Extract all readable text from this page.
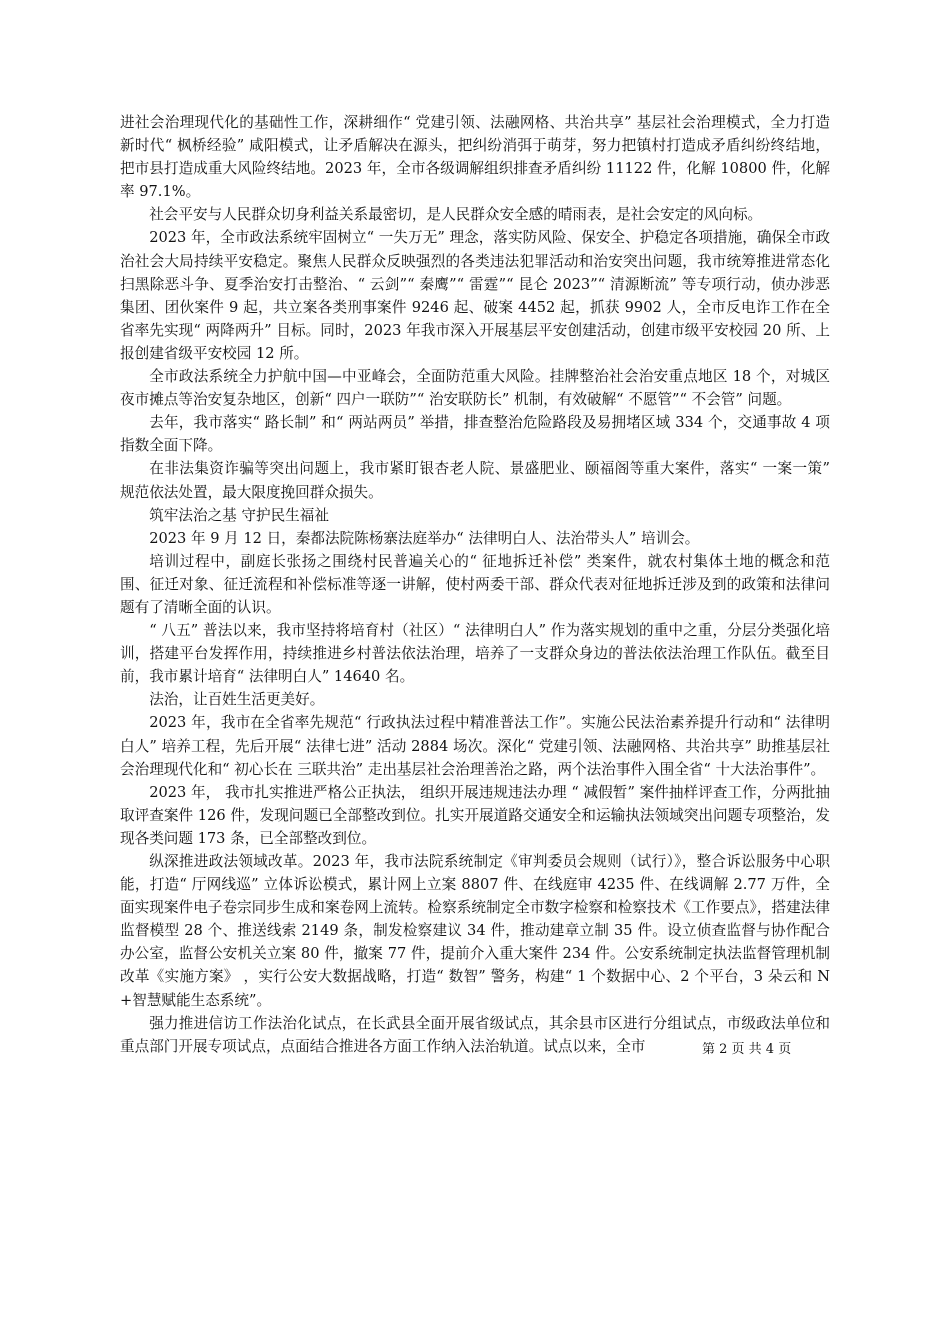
进社会治理现代化的基础性工作，深耕细作“ 党建引领、法融网格、共治共享” 基层社会治理模式，全力打造新时代“ 枫桥经验” 咸阳模式，让矛盾解决在源头，把纠纷消弭于萌芽，努力把镇村打造成矛盾纠纷终结地，把市县打造成重大风险终结地。2023 年，全市各级调解组织排查矛盾纠纷 11122 件，化解 10800 件，化解率 97.1%。

社会平安与人民群众切身利益关系最密切，是人民群众安全感的晴雨表，是社会安定的风向标。

2023 年，全市政法系统牢固树立“ 一失万无” 理念，落实防风险、保安全、护稳定各项措施，确保全市政治社会大局持续平安稳定。聚焦人民群众反映强烈的各类违法犯罪活动和治安突出问题，我市统筹推进常态化扫黑除恶斗争、夏季治安打击整治、“ 云剑”“ 秦鹰”“ 雷霆”“ 昆仑 2023”“ 清源断流” 等专项行动，侦办涉恶集团、团伙案件 9 起，共立案各类刑事案件 9246 起、破案 4452 起，抓获 9902 人，全市反电诈工作在全省率先实现“ 两降两升” 目标。同时，2023 年我市深入开展基层平安创建活动，创建市级平安校园 20 所、上报创建省级平安校园 12 所。

全市政法系统全力护航中国—中亚峰会，全面防范重大风险。挂牌整治社会治安重点地区 18 个，对城区夜市摊点等治安复杂地区，创新“ 四户一联防”“ 治安联防长” 机制，有效破解“ 不愿管”“ 不会管” 问题。

去年，我市落实“ 路长制” 和“ 两站两员” 举措，排查整治危险路段及易拥堵区域 334 个，交通事故 4 项指数全面下降。

在非法集资诈骗等突出问题上，我市紧盯银杏老人院、景盛肥业、颐福阁等重大案件，落实“ 一案一策” 规范依法处置，最大限度挽回群众损失。

筑牢法治之基 守护民生福祉

2023 年 9 月 12 日，秦都法院陈杨寨法庭举办“ 法律明白人、法治带头人” 培训会。

培训过程中，副庭长张扬之围绕村民普遍关心的“ 征地拆迁补偿” 类案件，就农村集体土地的概念和范围、征迁对象、征迁流程和补偿标准等逐一讲解，使村两委干部、群众代表对征地拆迁涉及到的政策和法律问题有了清晰全面的认识。

“ 八五” 普法以来，我市坚持将培育村（社区）“ 法律明白人” 作为落实规划的重中之重，分层分类强化培训，搭建平台发挥作用，持续推进乡村普法依法治理，培养了一支群众身边的普法依法治理工作队伍。截至目前，我市累计培育“ 法律明白人” 14640 名。

法治，让百姓生活更美好。

2023 年，我市在全省率先规范“ 行政执法过程中精准普法工作”。实施公民法治素养提升行动和“ 法律明白人” 培养工程，先后开展“ 法律七进” 活动 2884 场次。深化“ 党建引领、法融网格、共治共享” 助推基层社会治理现代化和“ 初心长在 三联共治” 走出基层社会治理善治之路，两个法治事件入围全省“ 十大法治事件”。

2023 年， 我市扎实推进严格公正执法， 组织开展违规违法办理 “ 减假暂” 案件抽样评查工作，分两批抽取评查案件 126 件，发现问题已全部整改到位。扎实开展道路交通安全和运输执法领域突出问题专项整治，发现各类问题 173 条，已全部整改到位。

纵深推进政法领域改革。2023 年，我市法院系统制定《审判委员会规则（试行）》，整合诉讼服务中心职能，打造“ 厅网线巡” 立体诉讼模式，累计网上立案 8807 件、在线庭审 4235 件、在线调解 2.77 万件，全面实现案件电子卷宗同步生成和案卷网上流转。检察系统制定全市数字检察和检察技术《工作要点》，搭建法律监督模型 28 个、推送线索 2149 条，制发检察建议 34 件，推动建章立制 35 件。设立侦查监督与协作配合办公室，监督公安机关立案 80 件，撤案 77 件，提前介入重大案件 234 件。公安系统制定执法监督管理机制改革《实施方案》 ，实行公安大数据战略，打造“ 数智” 警务，构建“ 1 个数据中心、2 个平台，3 朵云和 N+智慧赋能生态系统”。

强力推进信访工作法治化试点，在长武县全面开展省级试点，其余县市区进行分组试点，市级政法单位和重点部门开展专项试点，点面结合推进各方面工作纳入法治轨道。试点以来，全市	第 2 页 共 4 页
